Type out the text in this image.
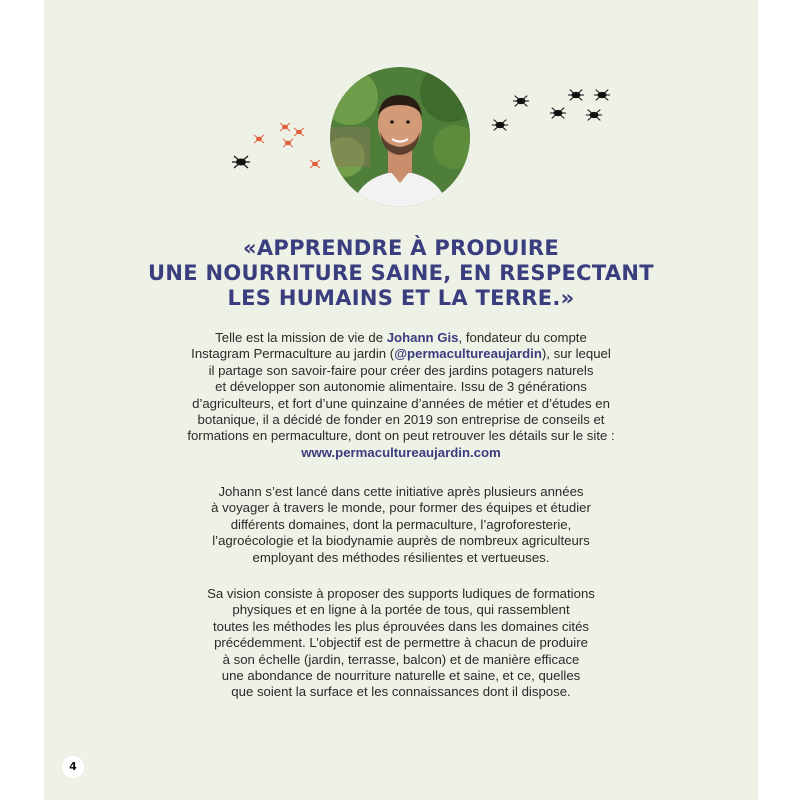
«APPRENDRE À PRODUIRE
UNE NOURRITURE SAINE, EN RESPECTANT
LES HUMAINS ET LA TERRE.»
Telle est la mission de vie de Johann Gis, fondateur du compte
Instagram Permaculture au jardin (@permacultureaujardin), sur lequel
il partage son savoir-faire pour créer des jardins potagers naturels
et développer son autonomie alimentaire. Issu de 3 générations
d’agriculteurs, et fort d’une quinzaine d’années de métier et d’études en
botanique, il a décidé de fonder en 2019 son entreprise de conseils et
formations en permaculture, dont on peut retrouver les détails sur le site :
www.permacultureaujardin.com
Johann s’est lancé dans cette initiative après plusieurs années
à voyager à travers le monde, pour former des équipes et étudier
différents domaines, dont la permaculture, l’agroforesterie,
l’agroécologie et la biodynamie auprès de nombreux agriculteurs
employant des méthodes résilientes et vertueuses.
Sa vision consiste à proposer des supports ludiques de formations
physiques et en ligne à la portée de tous, qui rassemblent
toutes les méthodes les plus éprouvées dans les domaines cités
précédemment. L’objectif est de permettre à chacun de produire
à son échelle (jardin, terrasse, balcon) et de manière efficace
une abondance de nourriture naturelle et saine, et ce, quelles
que soient la surface et les connaissances dont il dispose.
4
